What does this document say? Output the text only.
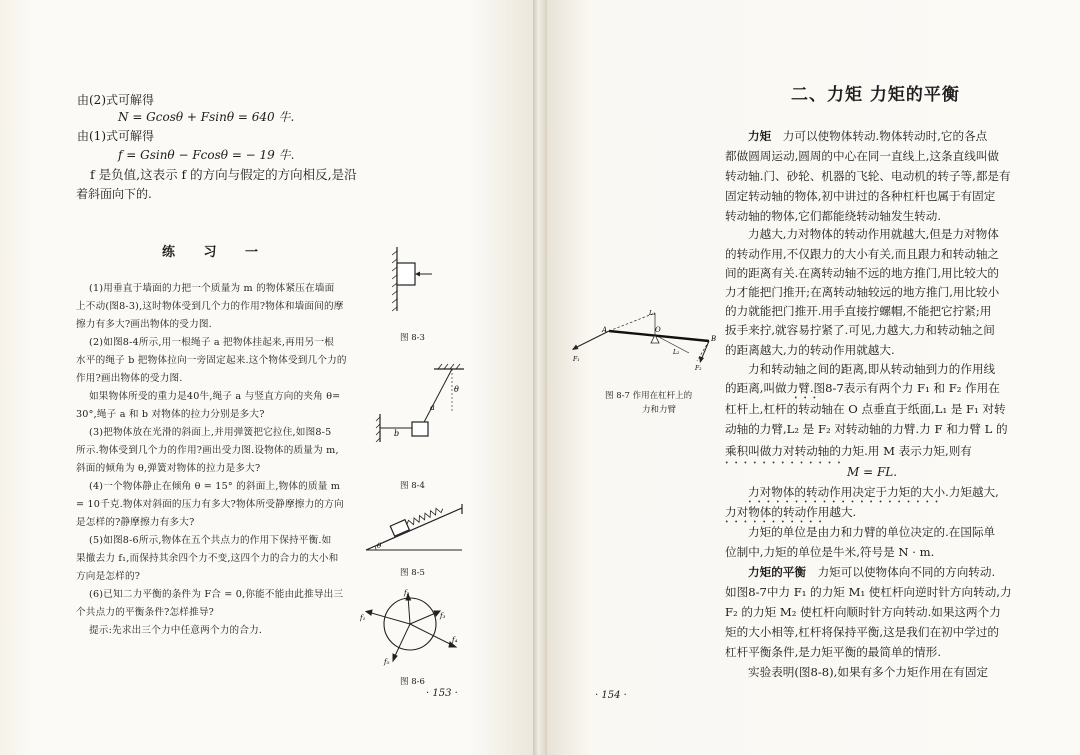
由(2)式可解得
N = Gcosθ + Fsinθ = 640 牛.
由(1)式可解得
f = Gsinθ − Fcosθ = − 19 牛.
f 是负值,这表示 f 的方向与假定的方向相反,是沿
着斜面向下的.
练 习 一
(1)用垂直于墙面的力把一个质量为 m 的物体紧压在墙面
上不动(图8-3),这时物体受到几个力的作用?物体和墙面间的摩
擦力有多大?画出物体的受力图.
(2)如图8-4所示,用一根绳子 a 把物体挂起来,再用另一根
水平的绳子 b 把物体拉向一旁固定起来.这个物体受到几个力的
作用?画出物体的受力图.
如果物体所受的重力是40牛,绳子 a 与竖直方向的夹角 θ=
30°,绳子 a 和 b 对物体的拉力分别是多大?
(3)把物体放在光滑的斜面上,并用弹簧把它拉住,如图8-5
所示.物体受到几个力的作用?画出受力图.设物体的质量为 m,
斜面的倾角为 θ,弹簧对物体的拉力是多大?
(4)一个物体静止在倾角 θ = 15° 的斜面上,物体的质量 m
= 10千克.物体对斜面的压力有多大?物体所受静摩擦力的方向
是怎样的?静摩擦力有多大?
(5)如图8-6所示,物体在五个共点力的作用下保持平衡.如
果撤去力 f₁,而保持其余四个力不变,这四个力的合力的大小和
方向是怎样的?
(6)已知二力平衡的条件为 F合 = 0,你能不能由此推导出三
个共点力的平衡条件?怎样推导?
提示:先求出三个力中任意两个力的合力.
图 8-3
θ
a
b
图 8-4
θ
图 8-5
f₁
f₂
f₃
f₄
f₅
图 8-6
· 153 ·
二、力矩 力矩的平衡
力矩  力可以使物体转动.物体转动时,它的各点
都做圆周运动,圆周的中心在同一直线上,这条直线叫做
转动轴.门、砂轮、机器的飞轮、电动机的转子等,都是有
固定转动轴的物体,初中讲过的各种杠杆也属于有固定
转动轴的物体,它们都能绕转动轴发生转动.
力越大,力对物体的转动作用就越大,但是力对物体
的转动作用,不仅跟力的大小有关,而且跟力和转动轴之
间的距离有关.在离转动轴不远的地方推门,用比较大的
力才能把门推开;在离转动轴较远的地方推门,用比较小
的力就能把门推开.用手直接拧螺帽,不能把它拧紧;用
扳手来拧,就容易拧紧了.可见,力越大,力和转动轴之间
的距离越大,力的转动作用就越大.
力和转动轴之间的距离,即从转动轴到力的作用线
的距离,叫做力臂.图8-7表示有两个力 F₁ 和 F₂ 作用在
•••
杠杆上,杠杆的转动轴在 O 点垂直于纸面,L₁ 是 F₁ 对转
动轴的力臂,L₂ 是 F₂ 对转动轴的力臂.力 F 和力臂 L 的
乘积叫做力对转动轴的力矩.用 M 表示力矩,则有
•••••••••••••
M = FL.
力对物体的转动作用决定于力矩的大小.力矩越大,
•••••••••••••••••••••
力对物体的转动作用越大.
•••••••••••
力矩的单位是由力和力臂的单位决定的.在国际单
位制中,力矩的单位是牛米,符号是 N · m.
力矩的平衡  力矩可以使物体向不同的方向转动.
如图8-7中力 F₁ 的力矩 M₁ 使杠杆向逆时针方向转动,力
F₂ 的力矩 M₂ 使杠杆向顺时针方向转动.如果这两个力
矩的大小相等,杠杆将保持平衡,这是我们在初中学过的
杠杆平衡条件,是力矩平衡的最简单的情形.
实验表明(图8-8),如果有多个力矩作用在有固定
A
B
O
L₁
L₂
F₁
F₂
图 8-7 作用在杠杆上的
力和力臂
· 154 ·
